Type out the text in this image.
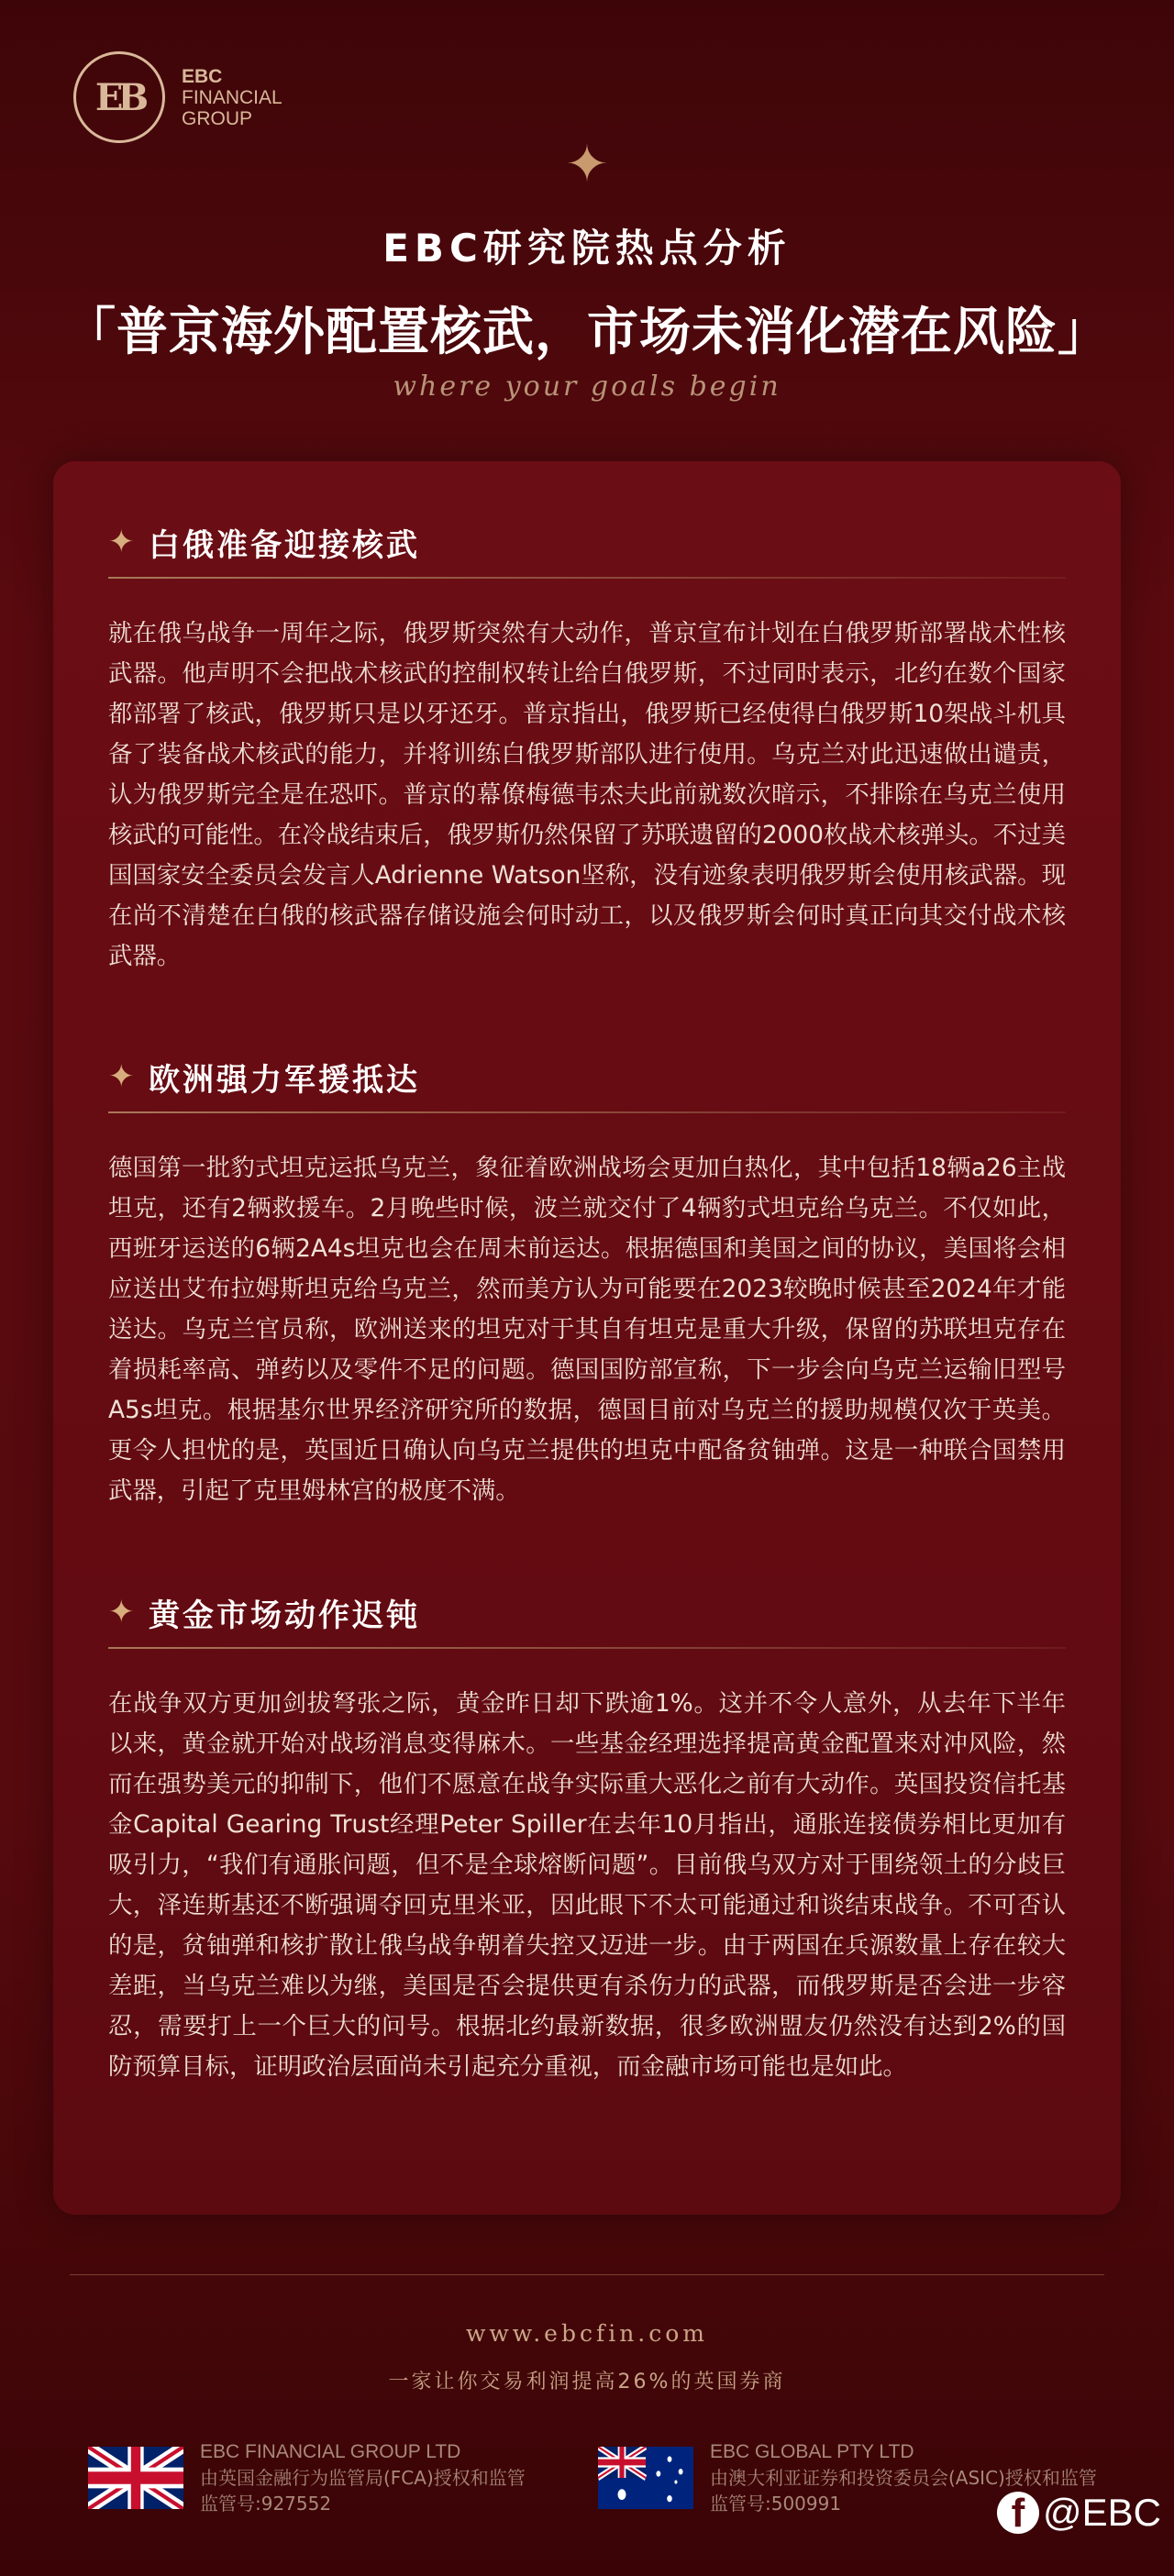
EB	EBC
FINANCIAL
GROUP
✦
EBC研究院热点分析
「普京海外配置核武，市场未消化潜在风险」
where your goals begin
✦ 白俄准备迎接核武
就在俄乌战争一周年之际，俄罗斯突然有大动作，普京宣布计划在白俄罗斯部署战术性核武器。他声明不会把战术核武的控制权转让给白俄罗斯，不过同时表示，北约在数个国家都部署了核武，俄罗斯只是以牙还牙。普京指出，俄罗斯已经使得白俄罗斯10架战斗机具备了装备战术核武的能力，并将训练白俄罗斯部队进行使用。乌克兰对此迅速做出谴责，认为俄罗斯完全是在恐吓。普京的幕僚梅德韦杰夫此前就数次暗示，不排除在乌克兰使用核武的可能性。在冷战结束后，俄罗斯仍然保留了苏联遗留的2000枚战术核弹头。不过美国国家安全委员会发言人Adrienne Watson坚称，没有迹象表明俄罗斯会使用核武器。现在尚不清楚在白俄的核武器存储设施会何时动工，以及俄罗斯会何时真正向其交付战术核武器。
✦ 欧洲强力军援抵达
德国第一批豹式坦克运抵乌克兰，象征着欧洲战场会更加白热化，其中包括18辆a26主战坦克，还有2辆救援车。2月晚些时候，波兰就交付了4辆豹式坦克给乌克兰。不仅如此，西班牙运送的6辆2A4s坦克也会在周末前运达。根据德国和美国之间的协议，美国将会相应送出艾布拉姆斯坦克给乌克兰，然而美方认为可能要在2023较晚时候甚至2024年才能送达。乌克兰官员称，欧洲送来的坦克对于其自有坦克是重大升级，保留的苏联坦克存在着损耗率高、弹药以及零件不足的问题。德国国防部宣称，下一步会向乌克兰运输旧型号A5s坦克。根据基尔世界经济研究所的数据，德国目前对乌克兰的援助规模仅次于英美。更令人担忧的是，英国近日确认向乌克兰提供的坦克中配备贫铀弹。这是一种联合国禁用武器，引起了克里姆林宫的极度不满。
✦ 黄金市场动作迟钝
在战争双方更加剑拔弩张之际，黄金昨日却下跌逾1%。这并不令人意外，从去年下半年以来，黄金就开始对战场消息变得麻木。一些基金经理选择提高黄金配置来对冲风险，然而在强势美元的抑制下，他们不愿意在战争实际重大恶化之前有大动作。英国投资信托基金Capital Gearing Trust经理Peter Spiller在去年10月指出，通胀连接债券相比更加有吸引力，“我们有通胀问题，但不是全球熔断问题”。目前俄乌双方对于围绕领土的分歧巨大，泽连斯基还不断强调夺回克里米亚，因此眼下不太可能通过和谈结束战争。不可否认的是，贫铀弹和核扩散让俄乌战争朝着失控又迈进一步。由于两国在兵源数量上存在较大差距，当乌克兰难以为继，美国是否会提供更有杀伤力的武器，而俄罗斯是否会进一步容忍，需要打上一个巨大的问号。根据北约最新数据，很多欧洲盟友仍然没有达到2%的国防预算目标，证明政治层面尚未引起充分重视，而金融市场可能也是如此。
www.ebcfin.com
一家让你交易利润提高26%的英国券商
EBC FINANCIAL GROUP LTD
由英国金融行为监管局(FCA)授权和监管
监管号:927552
EBC GLOBAL PTY LTD
由澳大利亚证券和投资委员会(ASIC)授权和监管
监管号:500991	f @EBC
